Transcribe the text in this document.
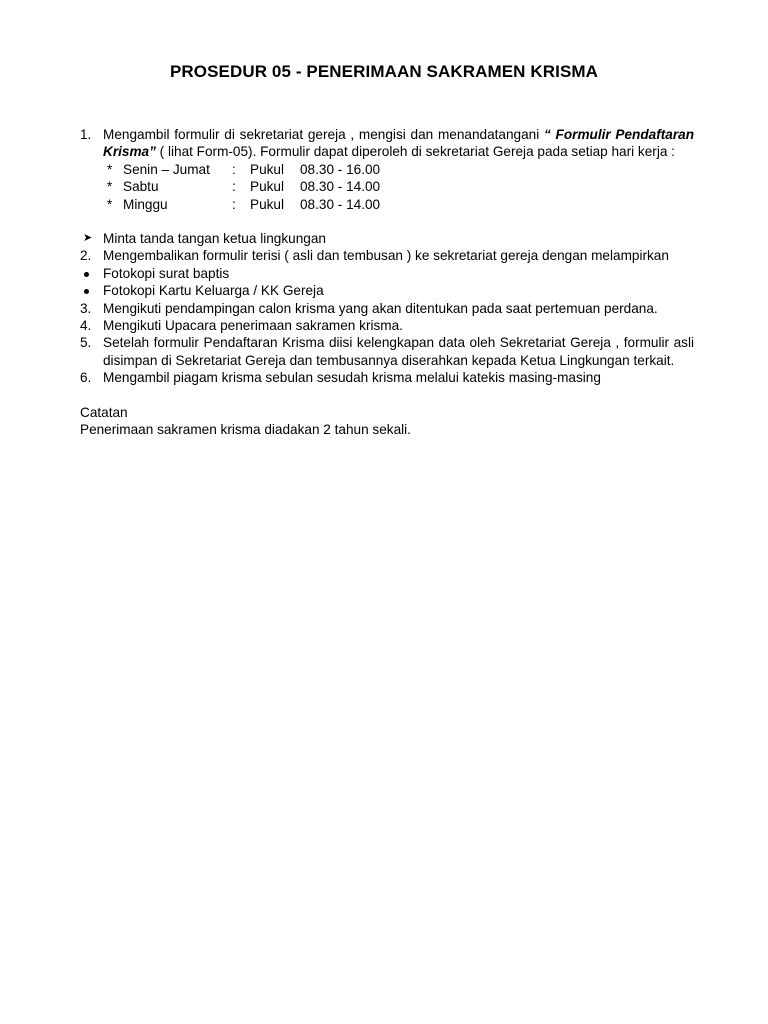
PROSEDUR 05 - PENERIMAAN SAKRAMEN KRISMA
1. Mengambil formulir di sekretariat gereja , mengisi dan menandatangani “ Formulir Pendaftaran Krisma” ( lihat Form-05). Formulir dapat diperoleh di sekretariat Gereja pada setiap hari kerja :
* Senin – Jumat : Pukul 08.30 - 16.00
* Sabtu	: Pukul 08.30 - 14.00
* Minggu	: Pukul 08.30 - 14.00
➤ Minta tanda tangan ketua lingkungan
2. Mengembalikan formulir terisi ( asli dan tembusan ) ke sekretariat gereja dengan melampirkan
Fotokopi surat baptis
Fotokopi Kartu Keluarga / KK Gereja
3. Mengikuti pendampingan calon krisma yang akan ditentukan pada saat pertemuan perdana.
4. Mengikuti Upacara penerimaan sakramen krisma.
5. Setelah formulir Pendaftaran Krisma diisi kelengkapan data oleh Sekretariat Gereja , formulir asli disimpan di Sekretariat Gereja dan tembusannya diserahkan kepada Ketua Lingkungan terkait.
6. Mengambil piagam krisma sebulan sesudah krisma melalui katekis masing-masing
Catatan
Penerimaan sakramen krisma diadakan 2 tahun sekali.
